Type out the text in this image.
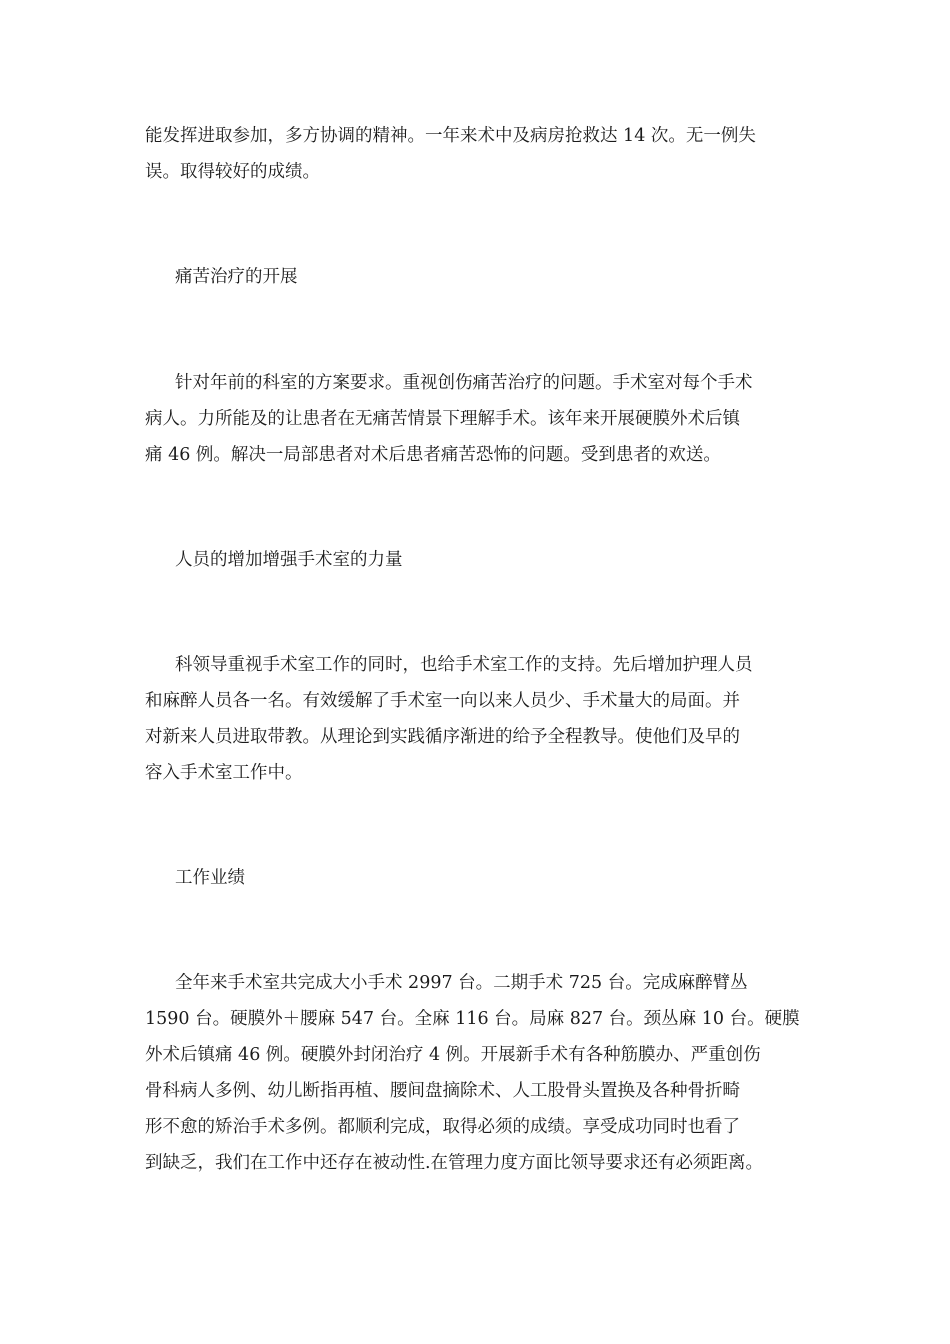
能发挥进取参加，多方协调的精神。一年来术中及病房抢救达 14 次。无一例失
误。取得较好的成绩。
痛苦治疗的开展
针对年前的科室的方案要求。重视创伤痛苦治疗的问题。手术室对每个手术
病人。力所能及的让患者在无痛苦情景下理解手术。该年来开展硬膜外术后镇
痛 46 例。解决一局部患者对术后患者痛苦恐怖的问题。受到患者的欢送。
人员的增加增强手术室的力量
科领导重视手术室工作的同时，也给手术室工作的支持。先后增加护理人员
和麻醉人员各一名。有效缓解了手术室一向以来人员少、手术量大的局面。并
对新来人员进取带教。从理论到实践循序渐进的给予全程教导。使他们及早的
容入手术室工作中。
工作业绩
全年来手术室共完成大小手术 2997 台。二期手术 725 台。完成麻醉臂丛
1590 台。硬膜外＋腰麻 547 台。全麻 116 台。局麻 827 台。颈丛麻 10 台。硬膜
外术后镇痛 46 例。硬膜外封闭治疗 4 例。开展新手术有各种筋膜办、严重创伤
骨科病人多例、幼儿断指再植、腰间盘摘除术、人工股骨头置换及各种骨折畸
形不愈的矫治手术多例。都顺利完成，取得必须的成绩。享受成功同时也看了
到缺乏，我们在工作中还存在被动性.在管理力度方面比领导要求还有必须距离。
